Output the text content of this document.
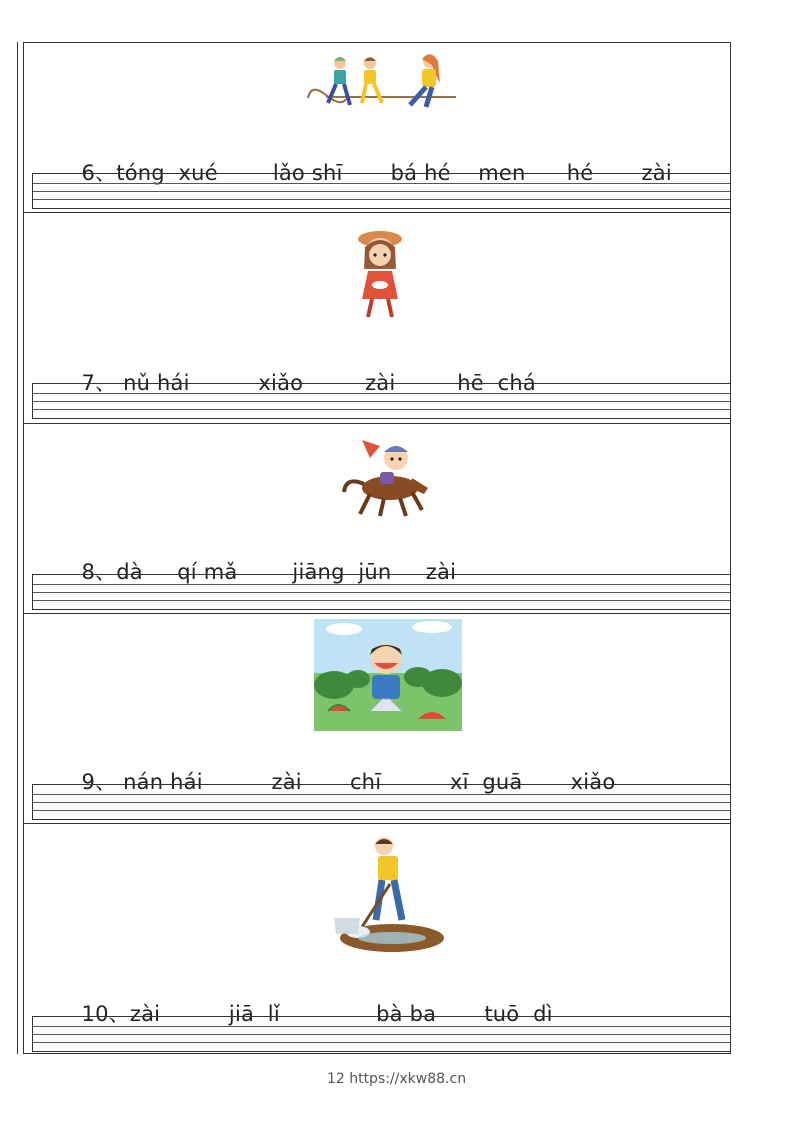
6、tóng  xué        lǎo shī       bá hé    men      hé       zài

7、 nǔ hái          xiǎo         zài         hē  chá

8、dà     qí mǎ        jiāng  jūn     zài

9、 nán hái          zài       chī          xī  guā       xiǎo

10、zài          jiā  lǐ              bà ba       tuō  dì

12 https://xkw88.cn
